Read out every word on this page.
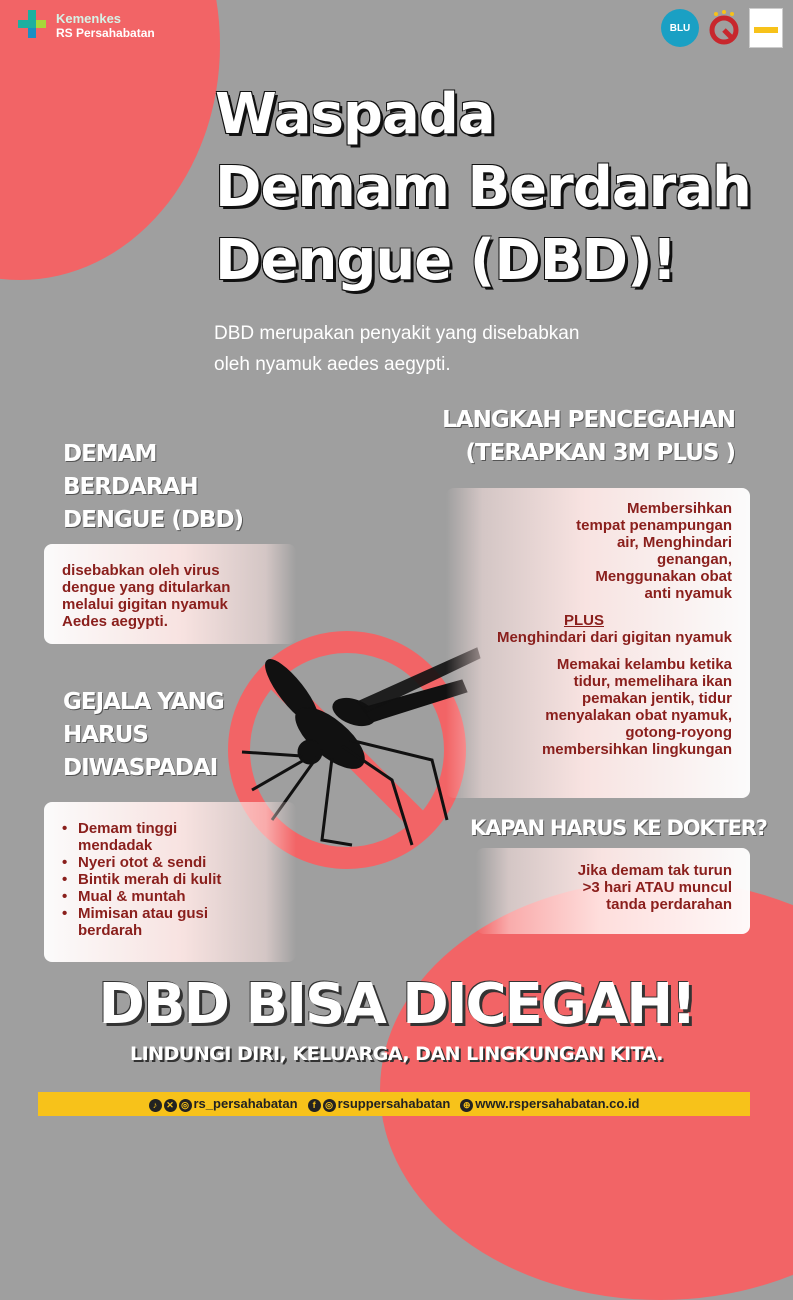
Kemenkes
RS Persahabatan	BLU
Waspada
Demam Berdarah
Dengue (DBD)!
DBD merupakan penyakit yang disebabkan
oleh nyamuk aedes aegypti.
DEMAM
BERDARAH
DENGUE (DBD)
disebabkan oleh virus
dengue yang ditularkan
melalui gigitan nyamuk
Aedes aegypti.
GEJALA YANG
HARUS
DIWASPADAI
• Demam tinggi mendadak
• Nyeri otot & sendi
• Bintik merah di kulit
• Mual & muntah
• Mimisan atau gusi berdarah
LANGKAH PENCEGAHAN
(TERAPKAN 3M PLUS )
Membersihkan
tempat penampungan
air, Menghindari
genangan,
Menggunakan obat
anti nyamuk
PLUS
Menghindari dari gigitan nyamuk
Memakai kelambu ketika
tidur, memelihara ikan
pemakan jentik, tidur
menyalakan obat nyamuk,
gotong-royong
membersihkan lingkungan
KAPAN HARUS KE DOKTER?
Jika demam tak turun
>3 hari ATAU muncul
tanda perdarahan
DBD BISA DICEGAH!
LINDUNGI DIRI, KELUARGA, DAN LINGKUNGAN KITA.
♪ ✕ ◎ rs_persahabatan	f ◎ rsuppersahabatan	⊕ www.rspersahabatan.co.id
